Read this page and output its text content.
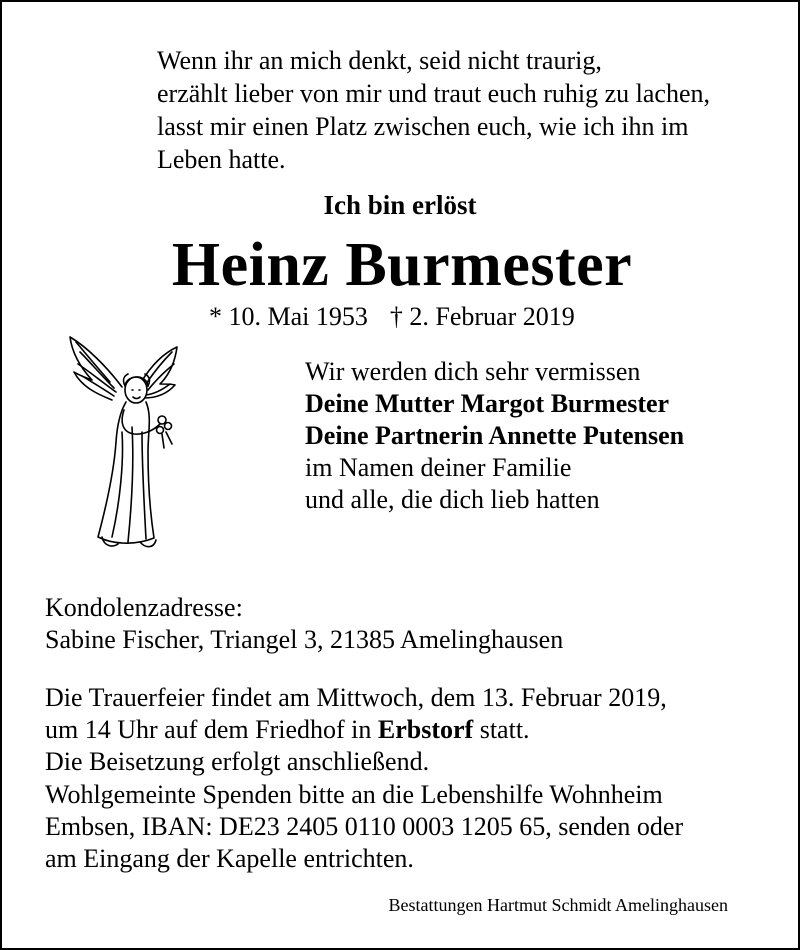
Wenn ihr an mich denkt, seid nicht traurig,
erzählt lieber von mir und traut euch ruhig zu lachen,
lasst mir einen Platz zwischen euch, wie ich ihn im
Leben hatte.
Ich bin erlöst
Heinz Burmester
* 10. Mai 1953 † 2. Februar 2019
Wir werden dich sehr vermissen
Deine Mutter Margot Burmester
Deine Partnerin Annette Putensen
im Namen deiner Familie
und alle, die dich lieb hatten
Kondolenzadresse:
Sabine Fischer, Triangel 3, 21385 Amelinghausen
Die Trauerfeier findet am Mittwoch, dem 13. Februar 2019,
um 14 Uhr auf dem Friedhof in Erbstorf statt.
Die Beisetzung erfolgt anschließend.
Wohlgemeinte Spenden bitte an die Lebenshilfe Wohnheim
Embsen, IBAN: DE23 2405 0110 0003 1205 65, senden oder
am Eingang der Kapelle entrichten.
Bestattungen Hartmut Schmidt Amelinghausen
